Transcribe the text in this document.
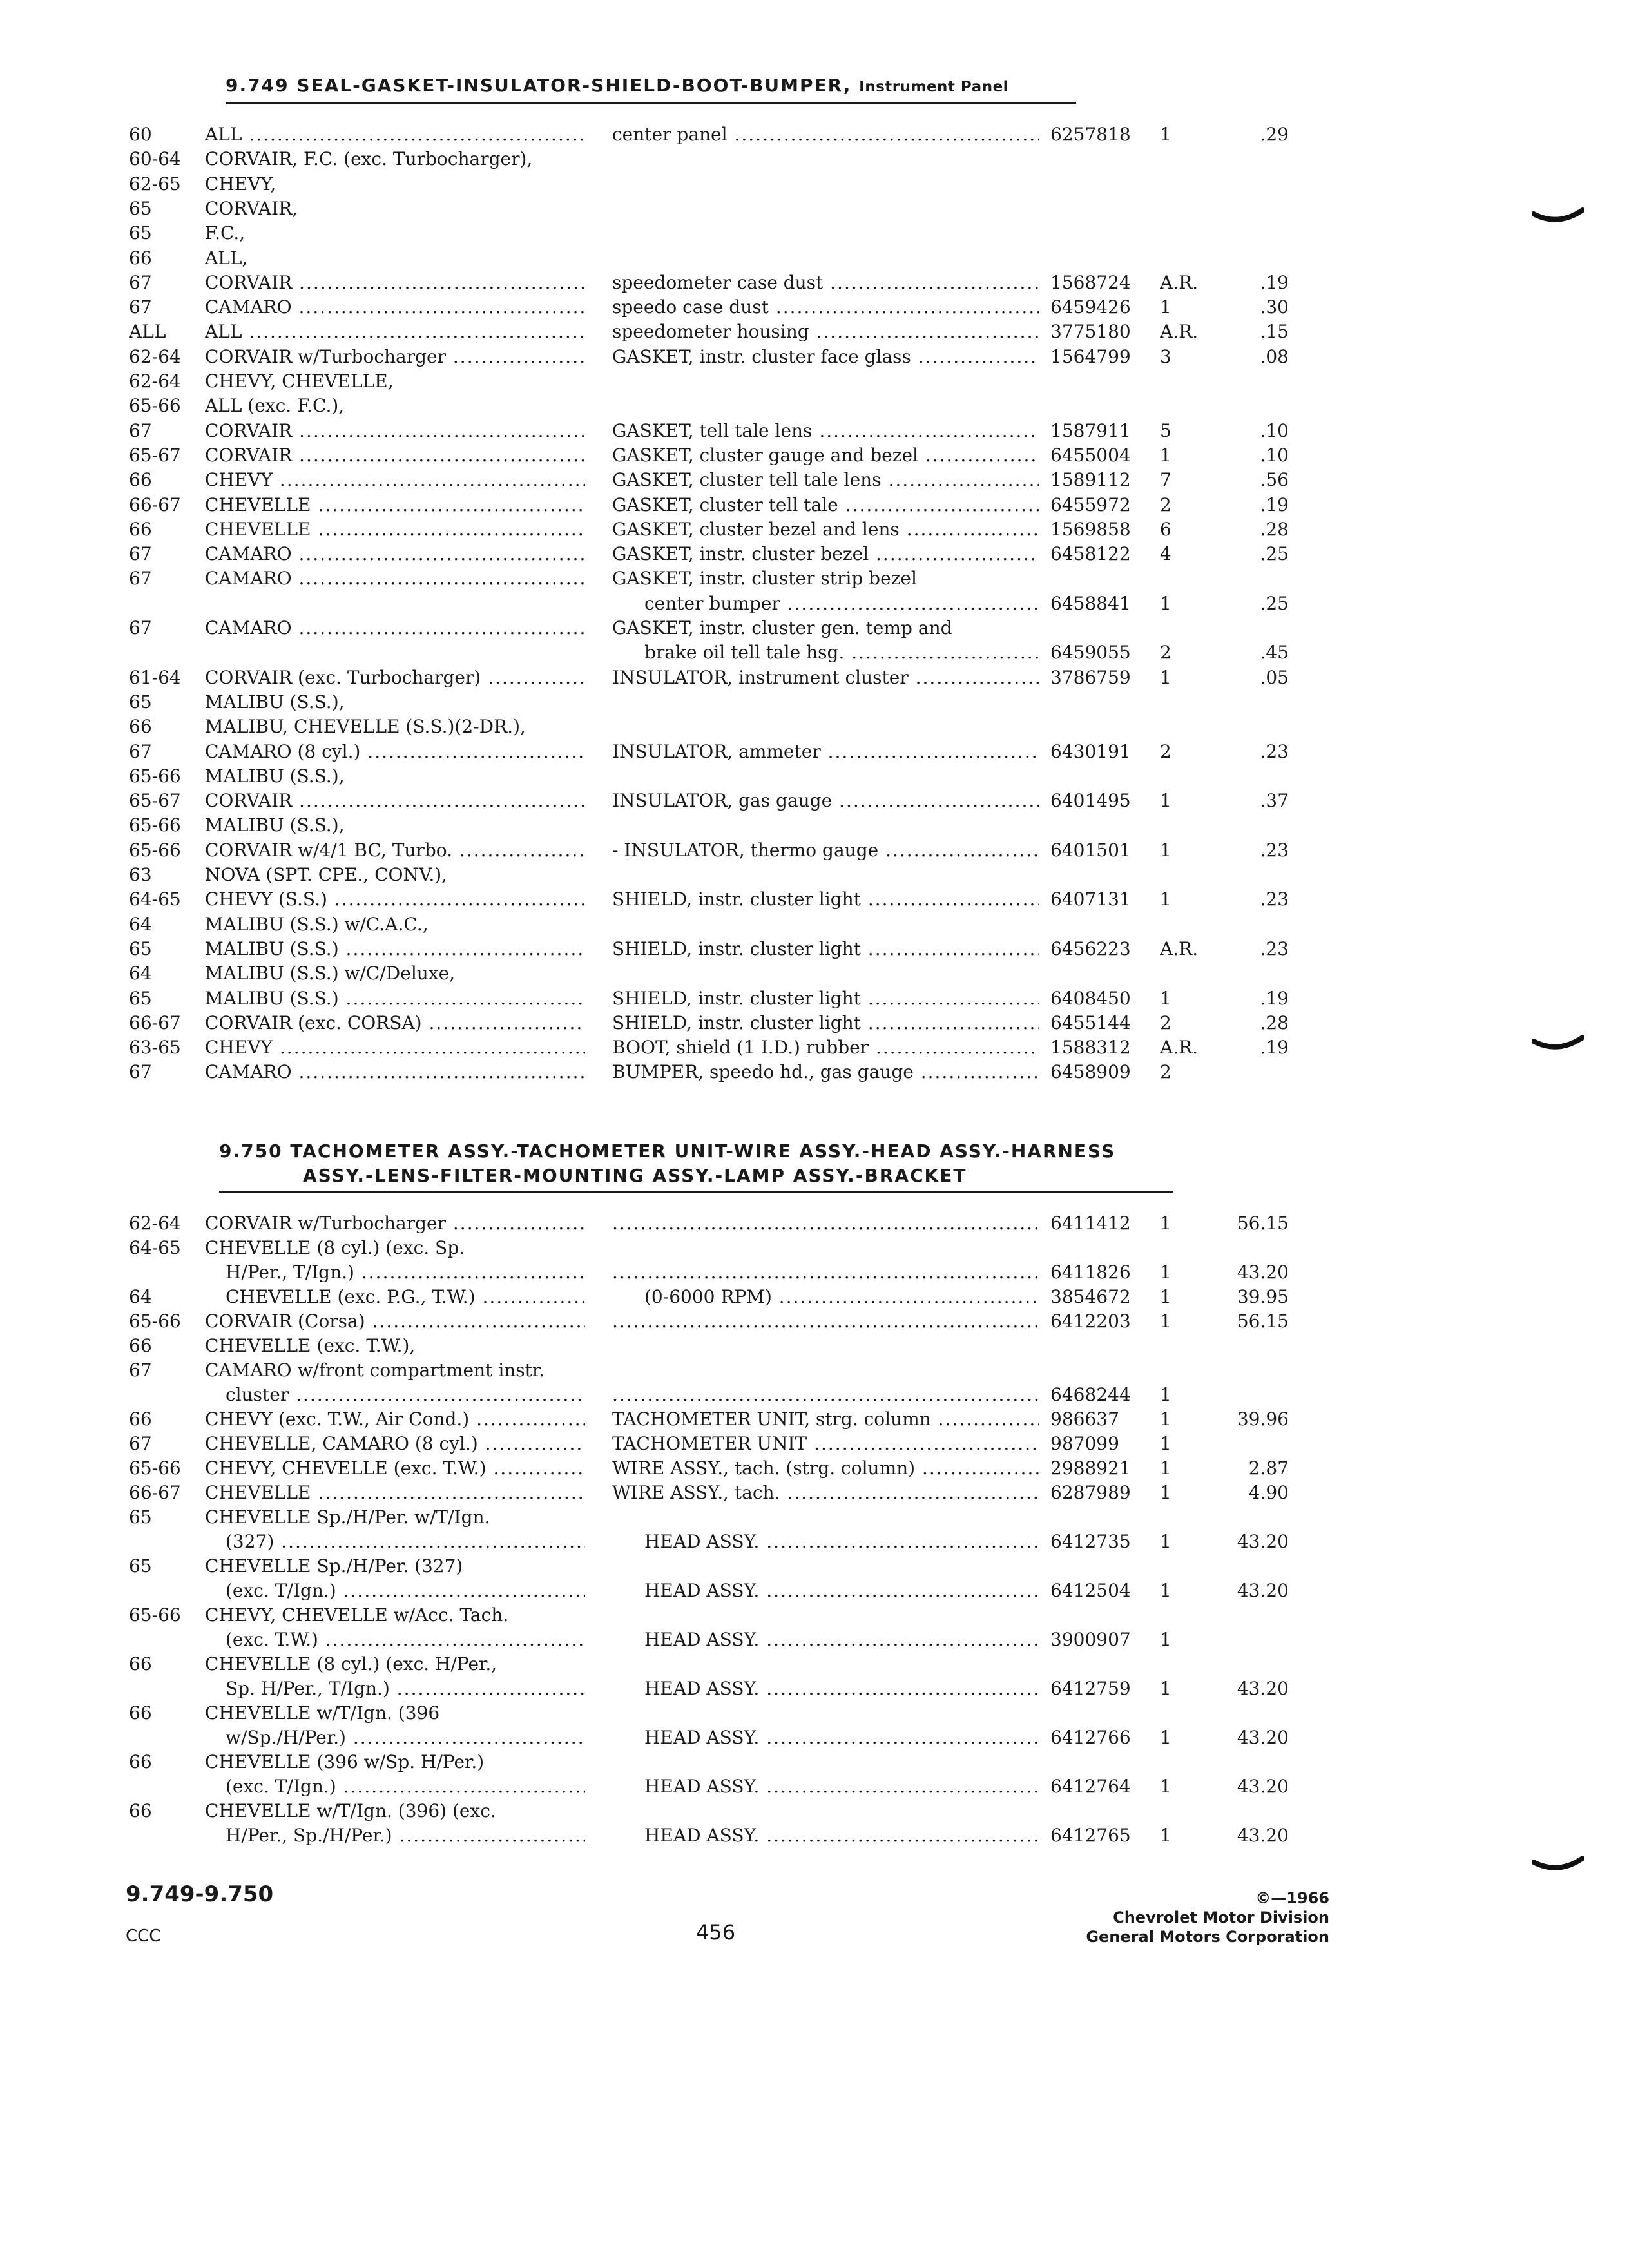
9.749 SEAL-GASKET-INSULATOR-SHIELD-BOOT-BUMPER, Instrument Panel
60	ALL .....	center panel .....	6257818	1	.29
60-64	CORVAIR, F.C. (exc. Turbocharger),
62-65	CHEVY,
65	CORVAIR,
65	F.C.,
66	ALL,
67	CORVAIR .....	speedometer case dust .....	1568724	A.R.	.19
67	CAMARO .....	speedo case dust .....	6459426	1	.30
ALL	ALL .....	speedometer housing .....	3775180	A.R.	.15
62-64	CORVAIR w/Turbocharger .....	GASKET, instr. cluster face glass .....	1564799	3	.08
62-64	CHEVY, CHEVELLE,
65-66	ALL (exc. F.C.),
67	CORVAIR .....	GASKET, tell tale lens .....	1587911	5	.10
65-67	CORVAIR .....	GASKET, cluster gauge and bezel .....	6455004	1	.10
66	CHEVY .....	GASKET, cluster tell tale lens .....	1589112	7	.56
66-67	CHEVELLE .....	GASKET, cluster tell tale .....	6455972	2	.19
66	CHEVELLE .....	GASKET, cluster bezel and lens .....	1569858	6	.28
67	CAMARO .....	GASKET, instr. cluster bezel .....	6458122	4	.25
67	CAMARO .....	GASKET, instr. cluster strip bezel
center bumper .....	6458841	1	.25
67	CAMARO .....	GASKET, instr. cluster gen. temp and
brake oil tell tale hsg. .....	6459055	2	.45
61-64	CORVAIR (exc. Turbocharger) .....	INSULATOR, instrument cluster .....	3786759	1	.05
65	MALIBU (S.S.),
66	MALIBU, CHEVELLE (S.S.)(2-DR.),
67	CAMARO (8 cyl.) .....	INSULATOR, ammeter .....	6430191	2	.23
65-66	MALIBU (S.S.),
65-67	CORVAIR .....	INSULATOR, gas gauge .....	6401495	1	.37
65-66	MALIBU (S.S.),
65-66	CORVAIR w/4/1 BC, Turbo. .....	- INSULATOR, thermo gauge .....	6401501	1	.23
63	NOVA (SPT. CPE., CONV.),
64-65	CHEVY (S.S.) .....	SHIELD, instr. cluster light .....	6407131	1	.23
64	MALIBU (S.S.) w/C.A.C.,
65	MALIBU (S.S.) .....	SHIELD, instr. cluster light .....	6456223	A.R.	.23
64	MALIBU (S.S.) w/C/Deluxe,
65	MALIBU (S.S.) .....	SHIELD, instr. cluster light .....	6408450	1	.19
66-67	CORVAIR (exc. CORSA) .....	SHIELD, instr. cluster light .....	6455144	2	.28
63-65	CHEVY .....	BOOT, shield (1 I.D.) rubber .....	1588312	A.R.	.19
67	CAMARO .....	BUMPER, speedo hd., gas gauge .....	6458909	2
9.750 TACHOMETER ASSY.-TACHOMETER UNIT-WIRE ASSY.-HEAD ASSY.-HARNESS
ASSY.-LENS-FILTER-MOUNTING ASSY.-LAMP ASSY.-BRACKET
62-64	CORVAIR w/Turbocharger ..... .....	6411412	1	56.15
64-65	CHEVELLE (8 cyl.) (exc. Sp.
H/Per., T/Ign.) ..... .....	6411826	1	43.20
64	CHEVELLE (exc. P.G., T.W.) .....	(0-6000 RPM) .....	3854672	1	39.95
65-66	CORVAIR (Corsa) ..... .....	6412203	1	56.15
66	CHEVELLE (exc. T.W.),
67	CAMARO w/front compartment instr.
cluster ..... .....	6468244	1
66	CHEVY (exc. T.W., Air Cond.) .....	TACHOMETER UNIT, strg. column .....	986637	1	39.96
67	CHEVELLE, CAMARO (8 cyl.) .....	TACHOMETER UNIT .....	987099	1
65-66	CHEVY, CHEVELLE (exc. T.W.) .....	WIRE ASSY., tach. (strg. column) .....	2988921	1	2.87
66-67	CHEVELLE .....	WIRE ASSY., tach. .....	6287989	1	4.90
65	CHEVELLE Sp./H/Per. w/T/Ign.
(327) .....	HEAD ASSY. .....	6412735	1	43.20
65	CHEVELLE Sp./H/Per. (327)
(exc. T/Ign.) .....	HEAD ASSY. .....	6412504	1	43.20
65-66	CHEVY, CHEVELLE w/Acc. Tach.
(exc. T.W.) .....	HEAD ASSY. .....	3900907	1
66	CHEVELLE (8 cyl.) (exc. H/Per.,
Sp. H/Per., T/Ign.) .....	HEAD ASSY. .....	6412759	1	43.20
66	CHEVELLE w/T/Ign. (396
w/Sp./H/Per.) .....	HEAD ASSY. .....	6412766	1	43.20
66	CHEVELLE (396 w/Sp. H/Per.)
(exc. T/Ign.) .....	HEAD ASSY. .....	6412764	1	43.20
66	CHEVELLE w/T/Ign. (396) (exc.
H/Per., Sp./H/Per.) .....	HEAD ASSY. .....	6412765	1	43.20
9.749-9.750
CCC	456
©—1966
Chevrolet Motor Division
General Motors Corporation
